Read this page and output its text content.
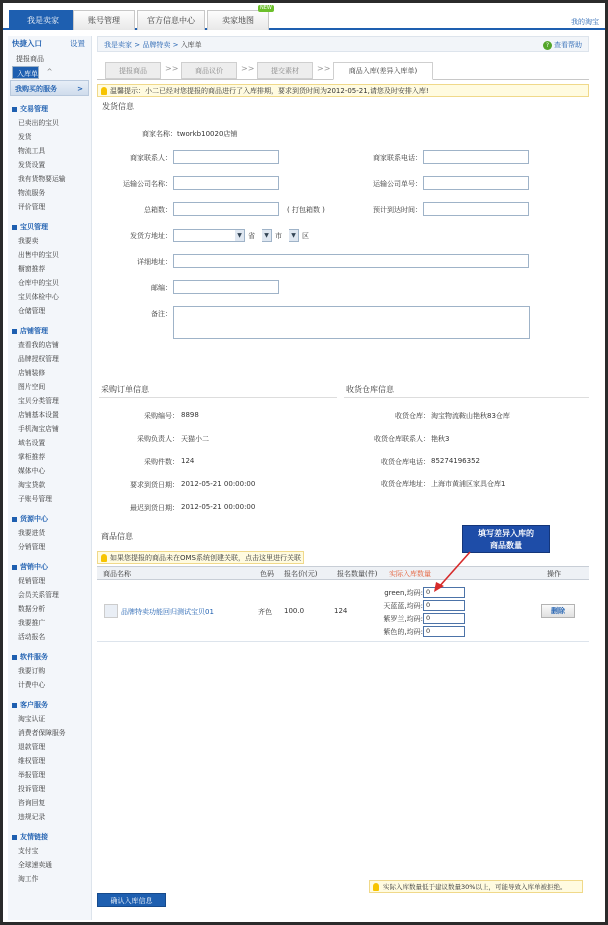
我是卖家	账号管理	官方信息中心	卖家地图
NEW
我的淘宝
快捷入口	设置
提报商品
入库单	^
我购买的服务	>
交易管理
已卖出的宝贝
发货
物流工具
发货设置
我有货物要运输
物流服务
评价管理
宝贝管理
我要卖
出售中的宝贝
橱窗推荐
仓库中的宝贝
宝贝体检中心
仓储管理
店铺管理
查看我的店铺
品牌授权管理
店铺装修
图片空间
宝贝分类管理
店铺基本设置
手机淘宝店铺
域名设置
掌柜推荐
媒体中心
淘宝贷款
子账号管理
货源中心
我要进货
分销管理
营销中心
促销管理
会员关系管理
数据分析
我要推广
活动报名
软件服务
我要订购
计费中心
客户服务
淘宝认证
消费者保障服务
退款管理
维权管理
举报管理
投诉管理
咨询回复
违规记录
友情链接
支付宝
全球速卖通
淘工作
我是卖家 > 品牌特卖 > 入库单	? 查看帮助
提报商品	>>	商品议价	>>	提交素材	>>	商品入库(差异入库单)
温馨提示：小二已经对您提报的商品进行了入库排期，要求到货时间为2012-05-21,请您及时安排入库!
发货信息
商家名称： tworkb10020店铺
商家联系人：	商家联系电话：
运输公司名称：	运输公司单号：
总箱数：	( 打包箱数 )	预计到达时间：
发货方地址：	▼ 省	▼ 市	▼ 区
详细地址：
邮编：
备注：
采购订单信息	收货仓库信息
采购编号： 8898
采购负责人： 天猫小二
采购件数： 124
要求到货日期： 2012-05-21 00:00:00
最迟到货日期： 2012-05-21 00:00:00
收货仓库： 淘宝物流鞍山艳秋83仓库
收货仓库联系人： 艳秋3
收货仓库电话： 85274196352
收货仓库地址： 上海市黄浦区家具仓库1
商品信息
如果您提报的商品未在OMS系统创建关联，点击这里进行关联
商品名称	色码 报名价(元)	报名数量(件) 实际入库数量	操作
品牌特卖功能回归测试宝贝01	齐色 100.0	124
green,均码: 0
天蓝蓝,均码: 0
紫罗兰,均码: 0
紫色的,均码: 0
删除
填写差异入库的
商品数量
实际入库数量低于建议数量30%以上，可能导致入库单被拒绝。
确认入库信息
